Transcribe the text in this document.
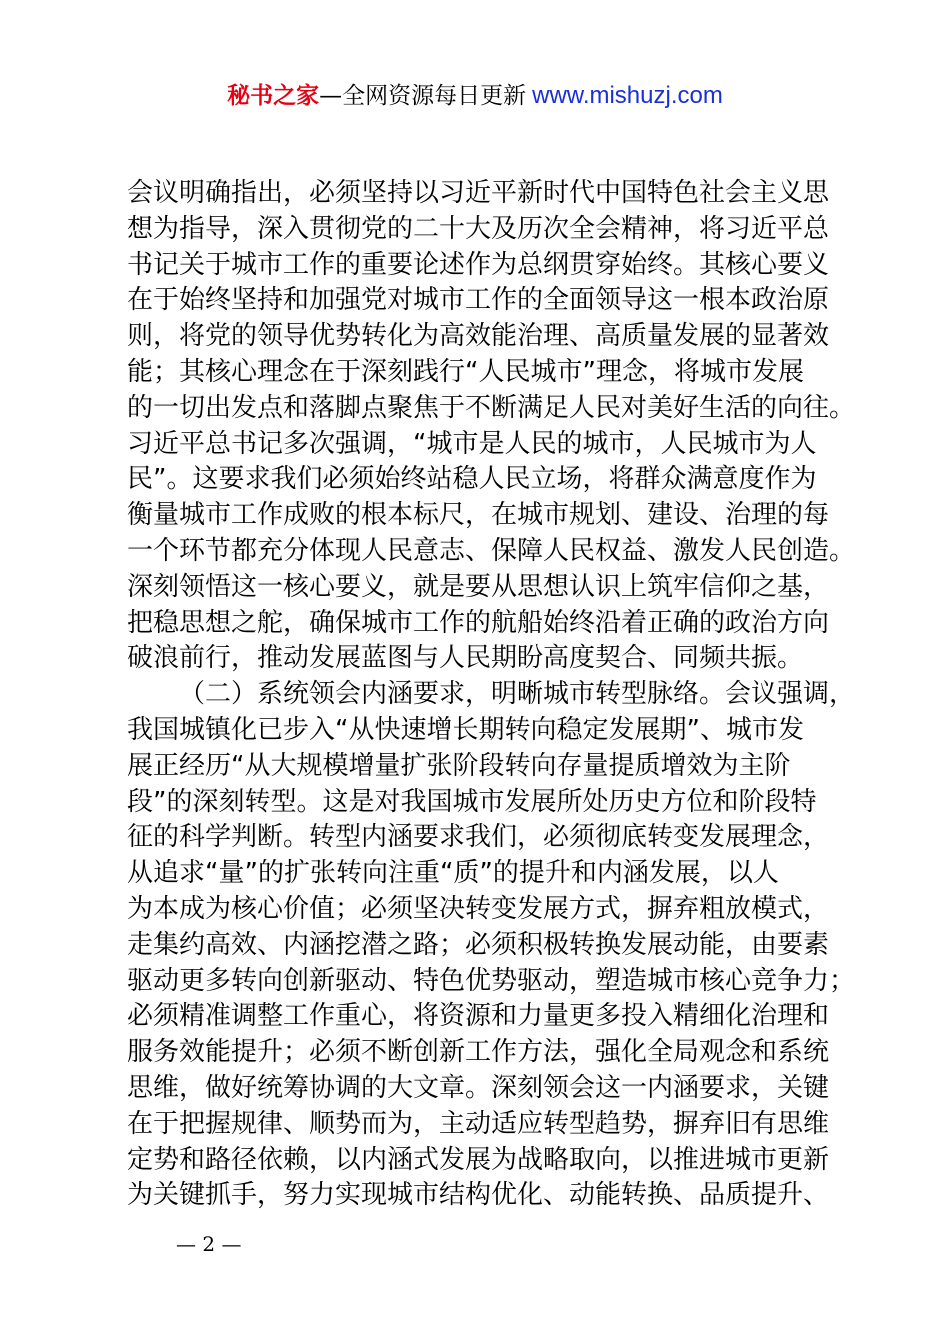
秘书之家—全网资源每日更新 www.mishuzj.com
会议明确指出，必须坚持以习近平新时代中国特色社会主义思
想为指导，深入贯彻党的二十大及历次全会精神，将习近平总
书记关于城市工作的重要论述作为总纲贯穿始终。其核心要义
在于始终坚持和加强党对城市工作的全面领导这一根本政治原
则，将党的领导优势转化为高效能治理、高质量发展的显著效
能；其核心理念在于深刻践行“人民城市”理念，将城市发展
的一切出发点和落脚点聚焦于不断满足人民对美好生活的向往。
习近平总书记多次强调，“城市是人民的城市，人民城市为人
民”。这要求我们必须始终站稳人民立场，将群众满意度作为
衡量城市工作成败的根本标尺，在城市规划、建设、治理的每
一个环节都充分体现人民意志、保障人民权益、激发人民创造。
深刻领悟这一核心要义，就是要从思想认识上筑牢信仰之基，
把稳思想之舵，确保城市工作的航船始终沿着正确的政治方向
破浪前行，推动发展蓝图与人民期盼高度契合、同频共振。
（二）系统领会内涵要求，明晰城市转型脉络。会议强调，
我国城镇化已步入“从快速增长期转向稳定发展期”、城市发
展正经历“从大规模增量扩张阶段转向存量提质增效为主阶
段”的深刻转型。这是对我国城市发展所处历史方位和阶段特
征的科学判断。转型内涵要求我们，必须彻底转变发展理念，
从追求“量”的扩张转向注重“质”的提升和内涵发展，以人
为本成为核心价值；必须坚决转变发展方式，摒弃粗放模式，
走集约高效、内涵挖潜之路；必须积极转换发展动能，由要素
驱动更多转向创新驱动、特色优势驱动，塑造城市核心竞争力；
必须精准调整工作重心，将资源和力量更多投入精细化治理和
服务效能提升；必须不断创新工作方法，强化全局观念和系统
思维，做好统筹协调的大文章。深刻领会这一内涵要求，关键
在于把握规律、顺势而为，主动适应转型趋势，摒弃旧有思维
定势和路径依赖，以内涵式发展为战略取向，以推进城市更新
为关键抓手，努力实现城市结构优化、动能转换、品质提升、
— 2 —
